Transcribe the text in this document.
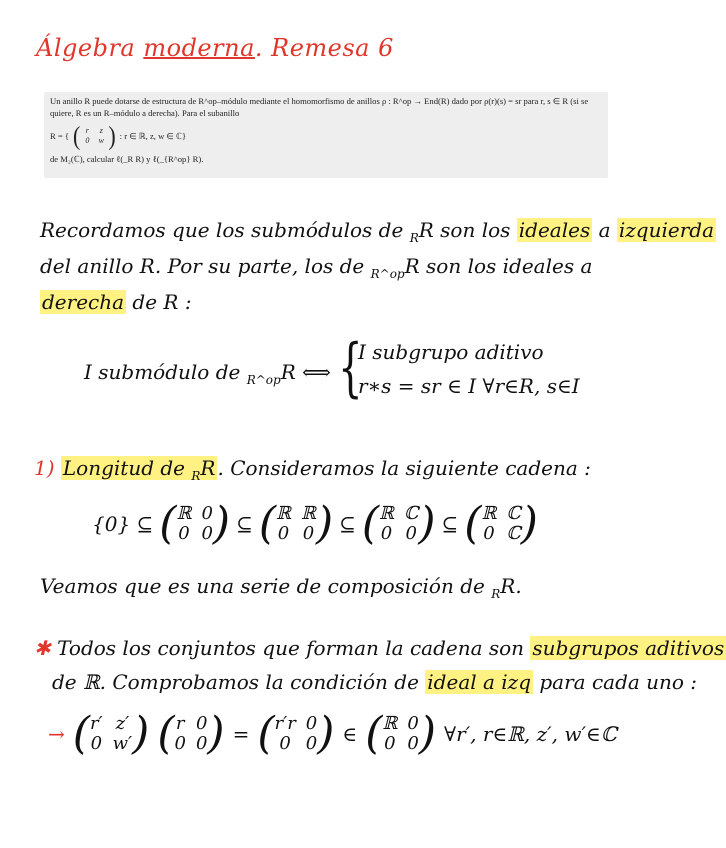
Álgebra moderna. Remesa 6

Un anillo R puede dotarse de estructura de R^op–módulo mediante el homomorfismo de anillos ρ : R^op → End(R) dado por ρ(r)(s) = sr para r, s ∈ R (si se

quiere, R es un R–módulo a derecha). Para el subanillo

R = { ( r	z
0	w ) : r ∈ ℝ, z, w ∈ ℂ}

de M₂(ℂ), calcular ℓ(_R R) y ℓ(_{R^op} R).

Recordamos que los submódulos de $_R$R son los ideales a izquierda
del anillo R. Por su parte, los de $_{R\^{}op}$R son los ideales a
derecha de R :
I submódulo de $_{R\^{}op}$R ⟺ {
I subgrupo aditivo
r∗s = sr ∈ I ∀r∈R, s∈I
1) Longitud de $_R$R . Consideramos la siguiente cadena :
{0} ⊆ ( ℝ 0
0 0 ) ⊆ ( ℝ ℝ
0 0 ) ⊆ ( ℝ ℂ
0 0 ) ⊆ ( ℝ ℂ
0 ℂ )
Veamos que es una serie de composición de $_R$R.
✱ Todos los conjuntos que forman la cadena son subgrupos aditivos
de ℝ. Comprobamos la condición de ideal a izq para cada uno :
→ ( r′ z′
0 w′ ) ( r 0
0 0 ) = ( r′r 0
0 0 ) ∈ ( ℝ 0
0 0 ) ∀r′, r∈ℝ, z′, w′∈ℂ
